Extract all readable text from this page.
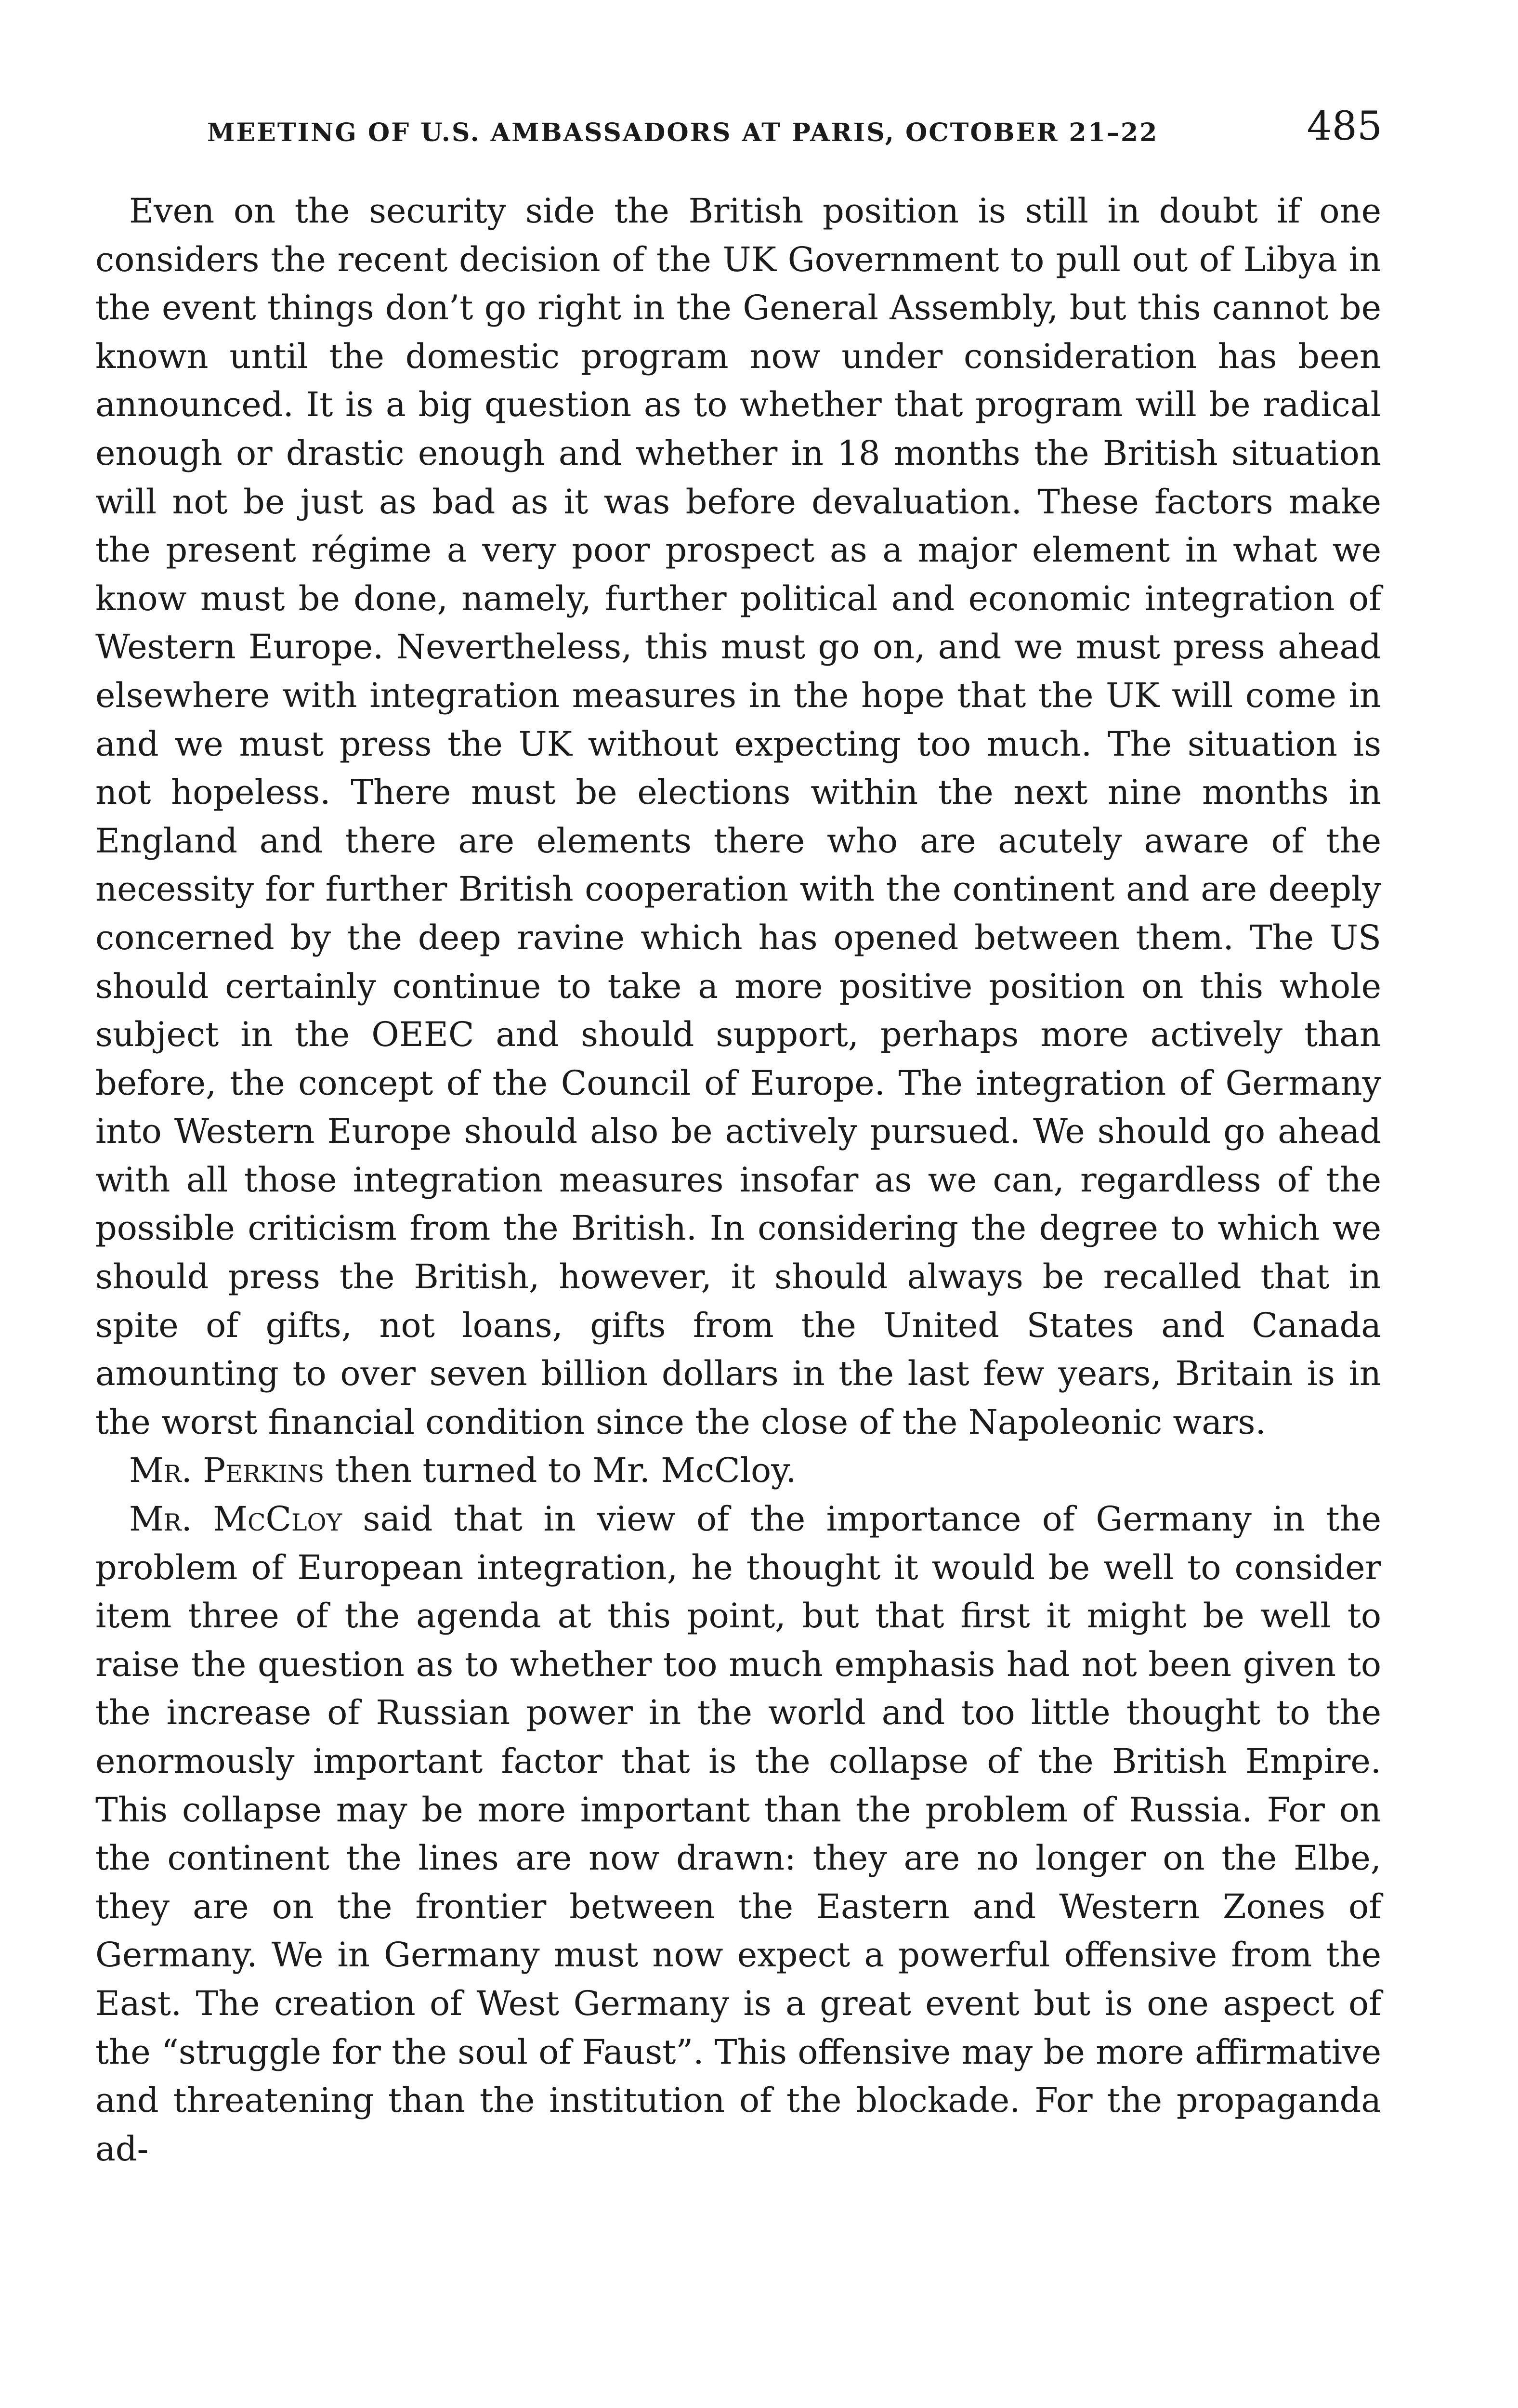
MEETING OF U.S. AMBASSADORS AT PARIS, OCTOBER 21–22	485

Even on the security side the British position is still in doubt if one considers the recent decision of the UK Government to pull out of Libya in the event things don’t go right in the General Assembly, but this cannot be known until the domestic program now under consideration has been announced. It is a big question as to whether that program will be radical enough or drastic enough and whether in 18 months the British situation will not be just as bad as it was before devaluation. These factors make the present régime a very poor prospect as a major element in what we know must be done, namely, further political and economic integration of Western Europe. Nevertheless, this must go on, and we must press ahead elsewhere with integration measures in the hope that the UK will come in and we must press the UK without expecting too much. The situation is not hopeless. There must be elections within the next nine months in England and there are elements there who are acutely aware of the necessity for further British cooperation with the continent and are deeply concerned by the deep ravine which has opened between them. The US should certainly continue to take a more positive position on this whole subject in the OEEC and should support, perhaps more actively than before, the concept of the Council of Europe. The integration of Germany into Western Europe should also be actively pursued. We should go ahead with all those integration measures insofar as we can, regardless of the possible criticism from the British. In considering the degree to which we should press the British, however, it should always be recalled that in spite of gifts, not loans, gifts from the United States and Canada amounting to over seven billion dollars in the last few years, Britain is in the worst financial condition since the close of the Napoleonic wars.

Mr. Perkins then turned to Mr. McCloy.

Mr. McCloy said that in view of the importance of Germany in the problem of European integration, he thought it would be well to consider item three of the agenda at this point, but that first it might be well to raise the question as to whether too much emphasis had not been given to the increase of Russian power in the world and too little thought to the enormously important factor that is the collapse of the British Empire. This collapse may be more important than the problem of Russia. For on the continent the lines are now drawn: they are no longer on the Elbe, they are on the frontier between the Eastern and Western Zones of Germany. We in Germany must now expect a powerful offensive from the East. The creation of West Germany is a great event but is one aspect of the “struggle for the soul of Faust”. This offensive may be more affirmative and threatening than the institution of the blockade. For the propaganda ad-
